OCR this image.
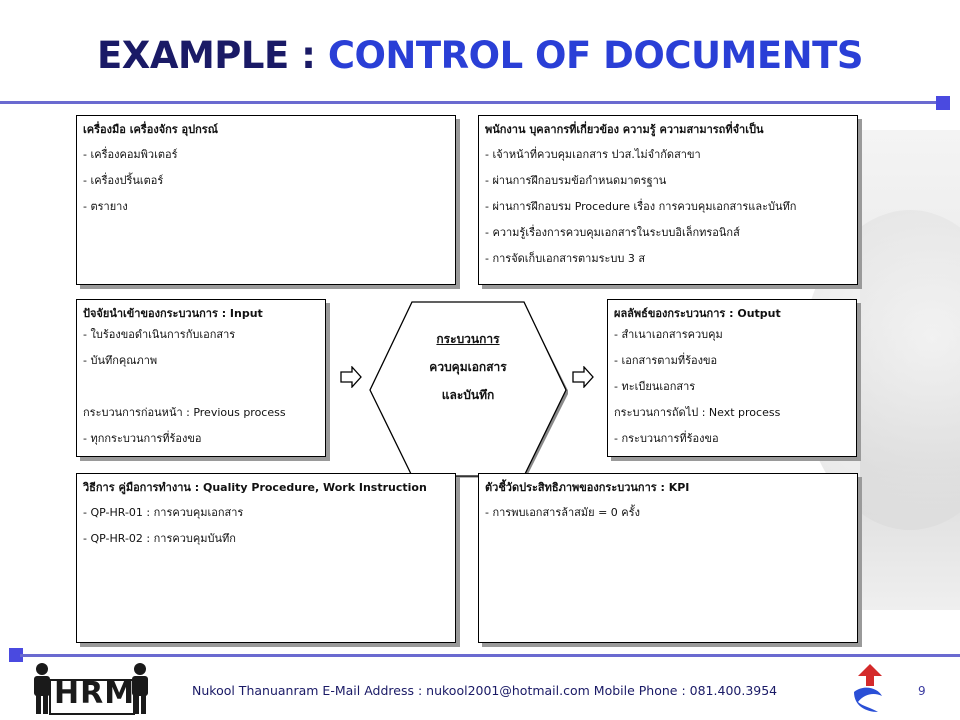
EXAMPLE : CONTROL OF DOCUMENTS
เครื่องมือ เครื่องจักร อุปกรณ์
- เครื่องคอมพิวเตอร์
- เครื่องปริ้นเตอร์
- ตรายาง
พนักงาน บุคลากรที่เกี่ยวข้อง ความรู้ ความสามารถที่จำเป็น
- เจ้าหน้าที่ควบคุมเอกสาร ปวส.ไม่จำกัดสาขา
- ผ่านการฝึกอบรมข้อกำหนดมาตรฐาน
- ผ่านการฝึกอบรม Procedure เรื่อง การควบคุมเอกสารและบันทึก
- ความรู้เรื่องการควบคุมเอกสารในระบบอิเล็กทรอนิกส์
- การจัดเก็บเอกสารตามระบบ 3 ส
ปัจจัยนำเข้าของกระบวนการ : Input
- ใบร้องขอดำเนินการกับเอกสาร
- บันทึกคุณภาพ
กระบวนการก่อนหน้า : Previous process
- ทุกกระบวนการที่ร้องขอ
ผลลัพธ์ของกระบวนการ : Output
- สำเนาเอกสารควบคุม
- เอกสารตามที่ร้องขอ
- ทะเบียนเอกสาร
กระบวนการถัดไป : Next process
- กระบวนการที่ร้องขอ
กระบวนการ
ควบคุมเอกสาร
และบันทึก
วิธีการ คู่มือการทำงาน : Quality Procedure, Work Instruction
- QP-HR-01 : การควบคุมเอกสาร
- QP-HR-02 : การควบคุมบันทึก
ตัวชี้วัดประสิทธิภาพของกระบวนการ : KPI
- การพบเอกสารล้าสมัย = 0 ครั้ง
HRM	Nukool Thanuanram E-Mail Address : nukool2001@hotmail.com Mobile Phone : 081.400.3954	9
